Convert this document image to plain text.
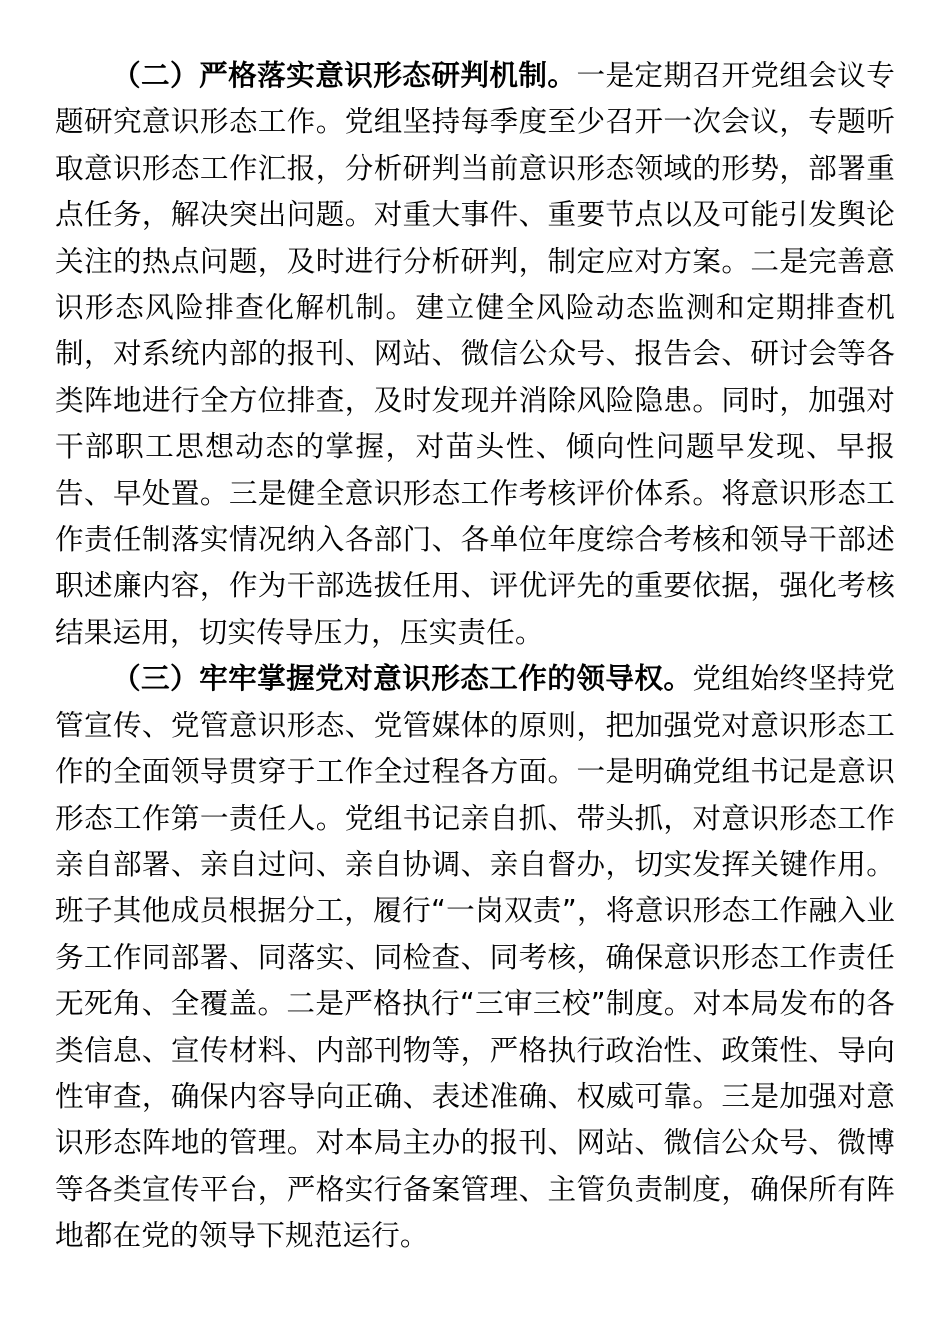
（二）严格落实意识形态研判机制。一是定期召开党组会议专题研究意识形态工作。党组坚持每季度至少召开一次会议，专题听取意识形态工作汇报，分析研判当前意识形态领域的形势，部署重点任务，解决突出问题。对重大事件、重要节点以及可能引发舆论关注的热点问题，及时进行分析研判，制定应对方案。二是完善意识形态风险排查化解机制。建立健全风险动态监测和定期排查机制，对系统内部的报刊、网站、微信公众号、报告会、研讨会等各类阵地进行全方位排查，及时发现并消除风险隐患。同时，加强对干部职工思想动态的掌握，对苗头性、倾向性问题早发现、早报告、早处置。三是健全意识形态工作考核评价体系。将意识形态工作责任制落实情况纳入各部门、各单位年度综合考核和领导干部述职述廉内容，作为干部选拔任用、评优评先的重要依据，强化考核结果运用，切实传导压力，压实责任。

（三）牢牢掌握党对意识形态工作的领导权。党组始终坚持党管宣传、党管意识形态、党管媒体的原则，把加强党对意识形态工作的全面领导贯穿于工作全过程各方面。一是明确党组书记是意识形态工作第一责任人。党组书记亲自抓、带头抓，对意识形态工作亲自部署、亲自过问、亲自协调、亲自督办，切实发挥关键作用。班子其他成员根据分工，履行“一岗双责”，将意识形态工作融入业务工作同部署、同落实、同检查、同考核，确保意识形态工作责任无死角、全覆盖。二是严格执行“三审三校”制度。对本局发布的各类信息、宣传材料、内部刊物等，严格执行政治性、政策性、导向性审查，确保内容导向正确、表述准确、权威可靠。三是加强对意识形态阵地的管理。对本局主办的报刊、网站、微信公众号、微博等各类宣传平台，严格实行备案管理、主管负责制度，确保所有阵地都在党的领导下规范运行。
